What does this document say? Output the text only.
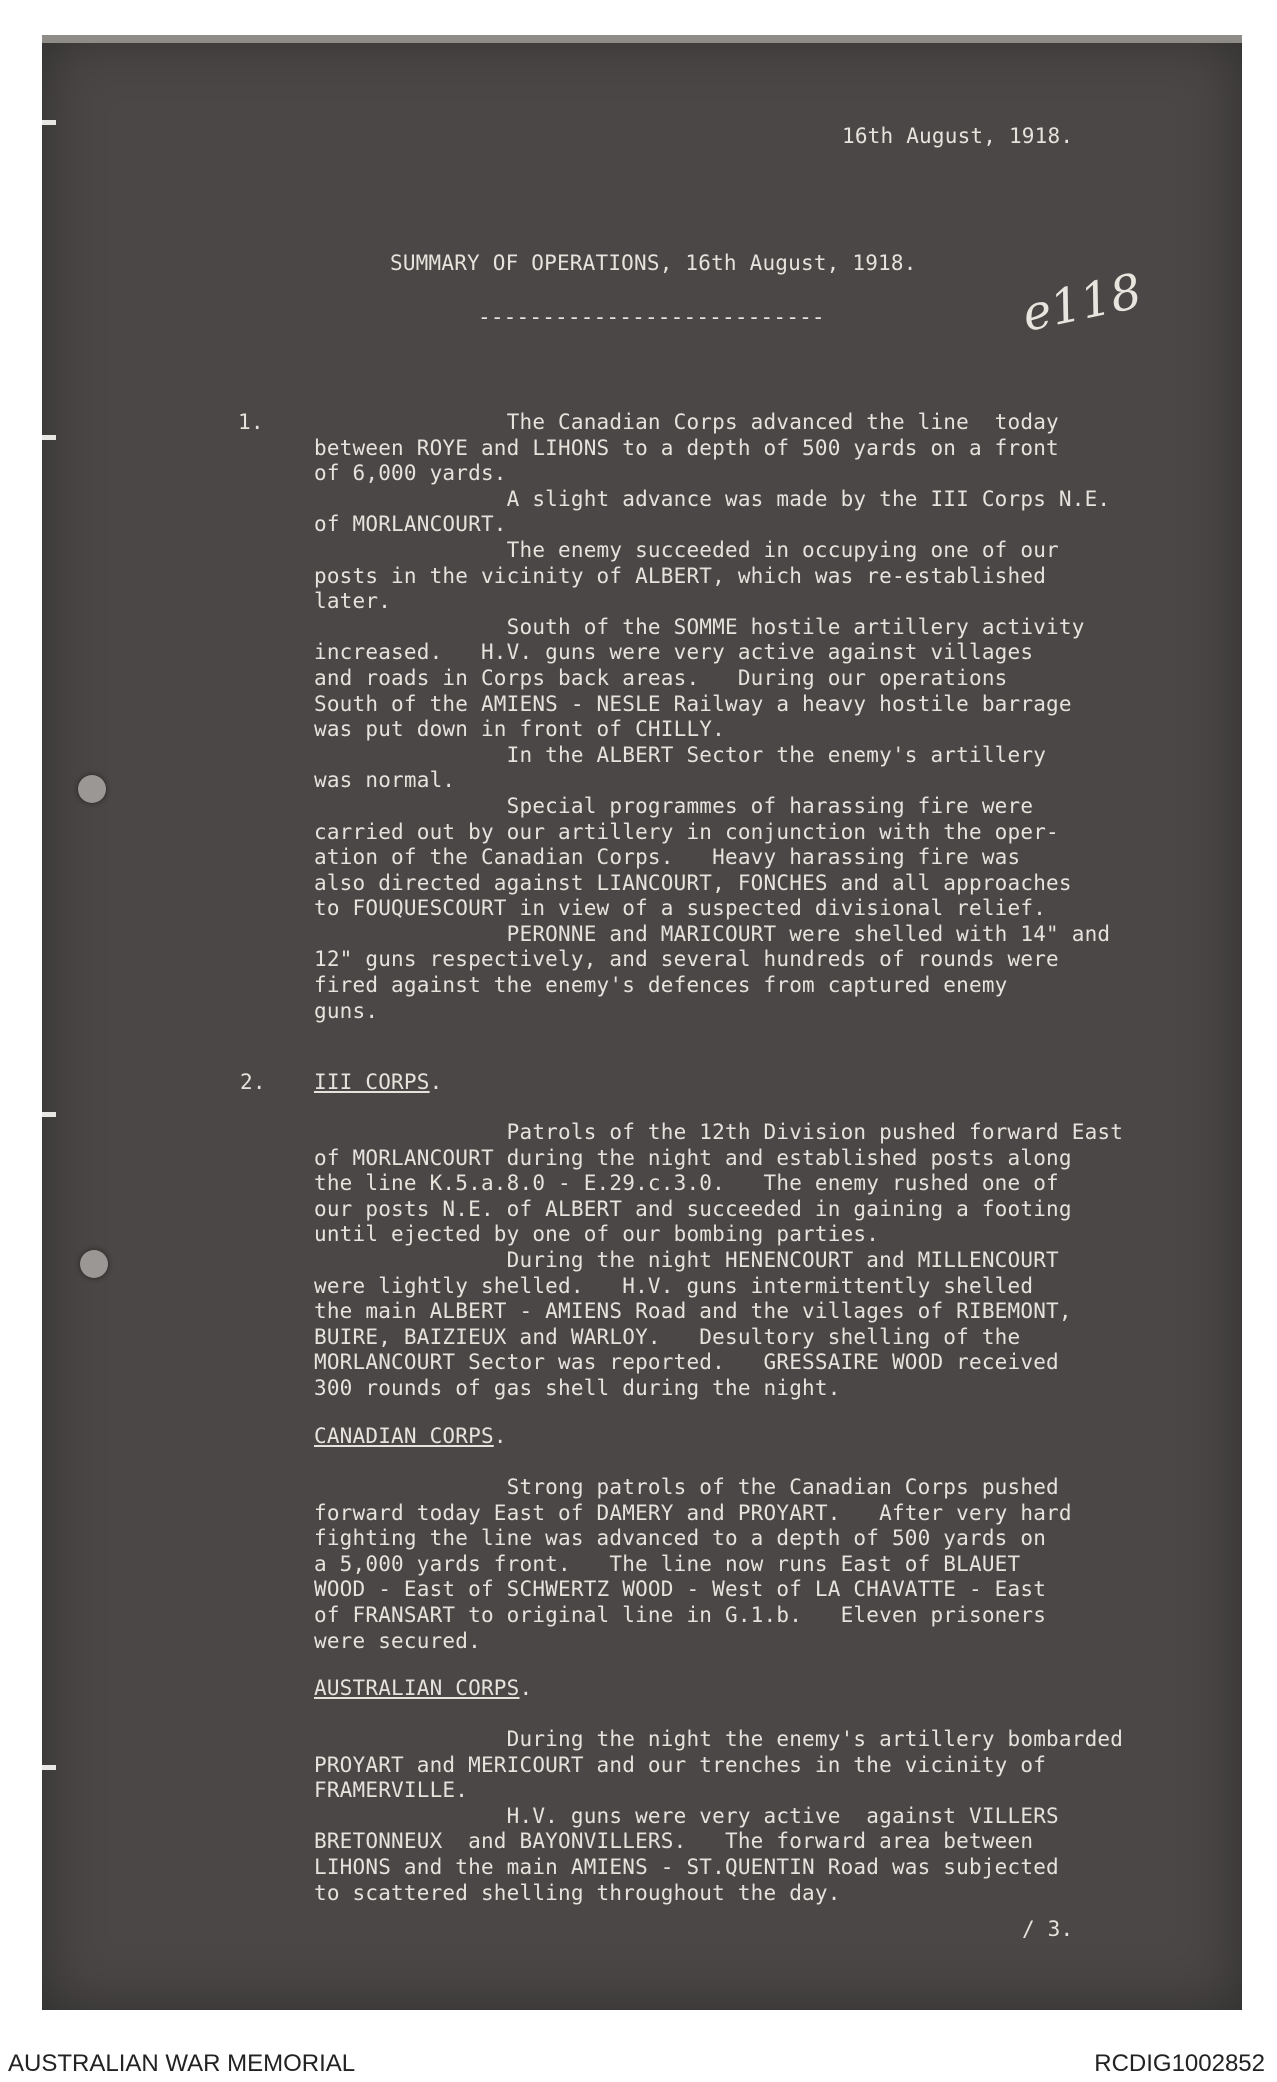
16th August, 1918.
SUMMARY OF OPERATIONS, 16th August, 1918.
---------------------------	e118
1.	The Canadian Corps advanced the line  today
between ROYE and LIHONS to a depth of 500 yards on a front
of 6,000 yards.
A slight advance was made by the III Corps N.E.
of MORLANCOURT.
The enemy succeeded in occupying one of our
posts in the vicinity of ALBERT, which was re-established
later.
South of the SOMME hostile artillery activity
increased.   H.V. guns were very active against villages
and roads in Corps back areas.   During our operations
South of the AMIENS - NESLE Railway a heavy hostile barrage
was put down in front of CHILLY.
In the ALBERT Sector the enemy's artillery
was normal.
Special programmes of harassing fire were
carried out by our artillery in conjunction with the oper-
ation of the Canadian Corps.   Heavy harassing fire was
also directed against LIANCOURT, FONCHES and all approaches
to FOUQUESCOURT in view of a suspected divisional relief.
PERONNE and MARICOURT were shelled with 14" and
12" guns respectively, and several hundreds of rounds were
fired against the enemy's defences from captured enemy
guns.
2. III CORPS.
Patrols of the 12th Division pushed forward East
of MORLANCOURT during the night and established posts along
the line K.5.a.8.0 - E.29.c.3.0.   The enemy rushed one of
our posts N.E. of ALBERT and succeeded in gaining a footing
until ejected by one of our bombing parties.
During the night HENENCOURT and MILLENCOURT
were lightly shelled.   H.V. guns intermittently shelled
the main ALBERT - AMIENS Road and the villages of RIBEMONT,
BUIRE, BAIZIEUX and WARLOY.   Desultory shelling of the
MORLANCOURT Sector was reported.   GRESSAIRE WOOD received
300 rounds of gas shell during the night.
CANADIAN CORPS.
Strong patrols of the Canadian Corps pushed
forward today East of DAMERY and PROYART.   After very hard
fighting the line was advanced to a depth of 500 yards on
a 5,000 yards front.   The line now runs East of BLAUET
WOOD - East of SCHWERTZ WOOD - West of LA CHAVATTE - East
of FRANSART to original line in G.1.b.   Eleven prisoners
were secured.
AUSTRALIAN CORPS.
During the night the enemy's artillery bombarded
PROYART and MERICOURT and our trenches in the vicinity of
FRAMERVILLE.
H.V. guns were very active  against VILLERS
BRETONNEUX  and BAYONVILLERS.   The forward area between
LIHONS and the main AMIENS - ST.QUENTIN Road was subjected
to scattered shelling throughout the day.
/ 3.
AUSTRALIAN WAR MEMORIAL	RCDIG1002852
